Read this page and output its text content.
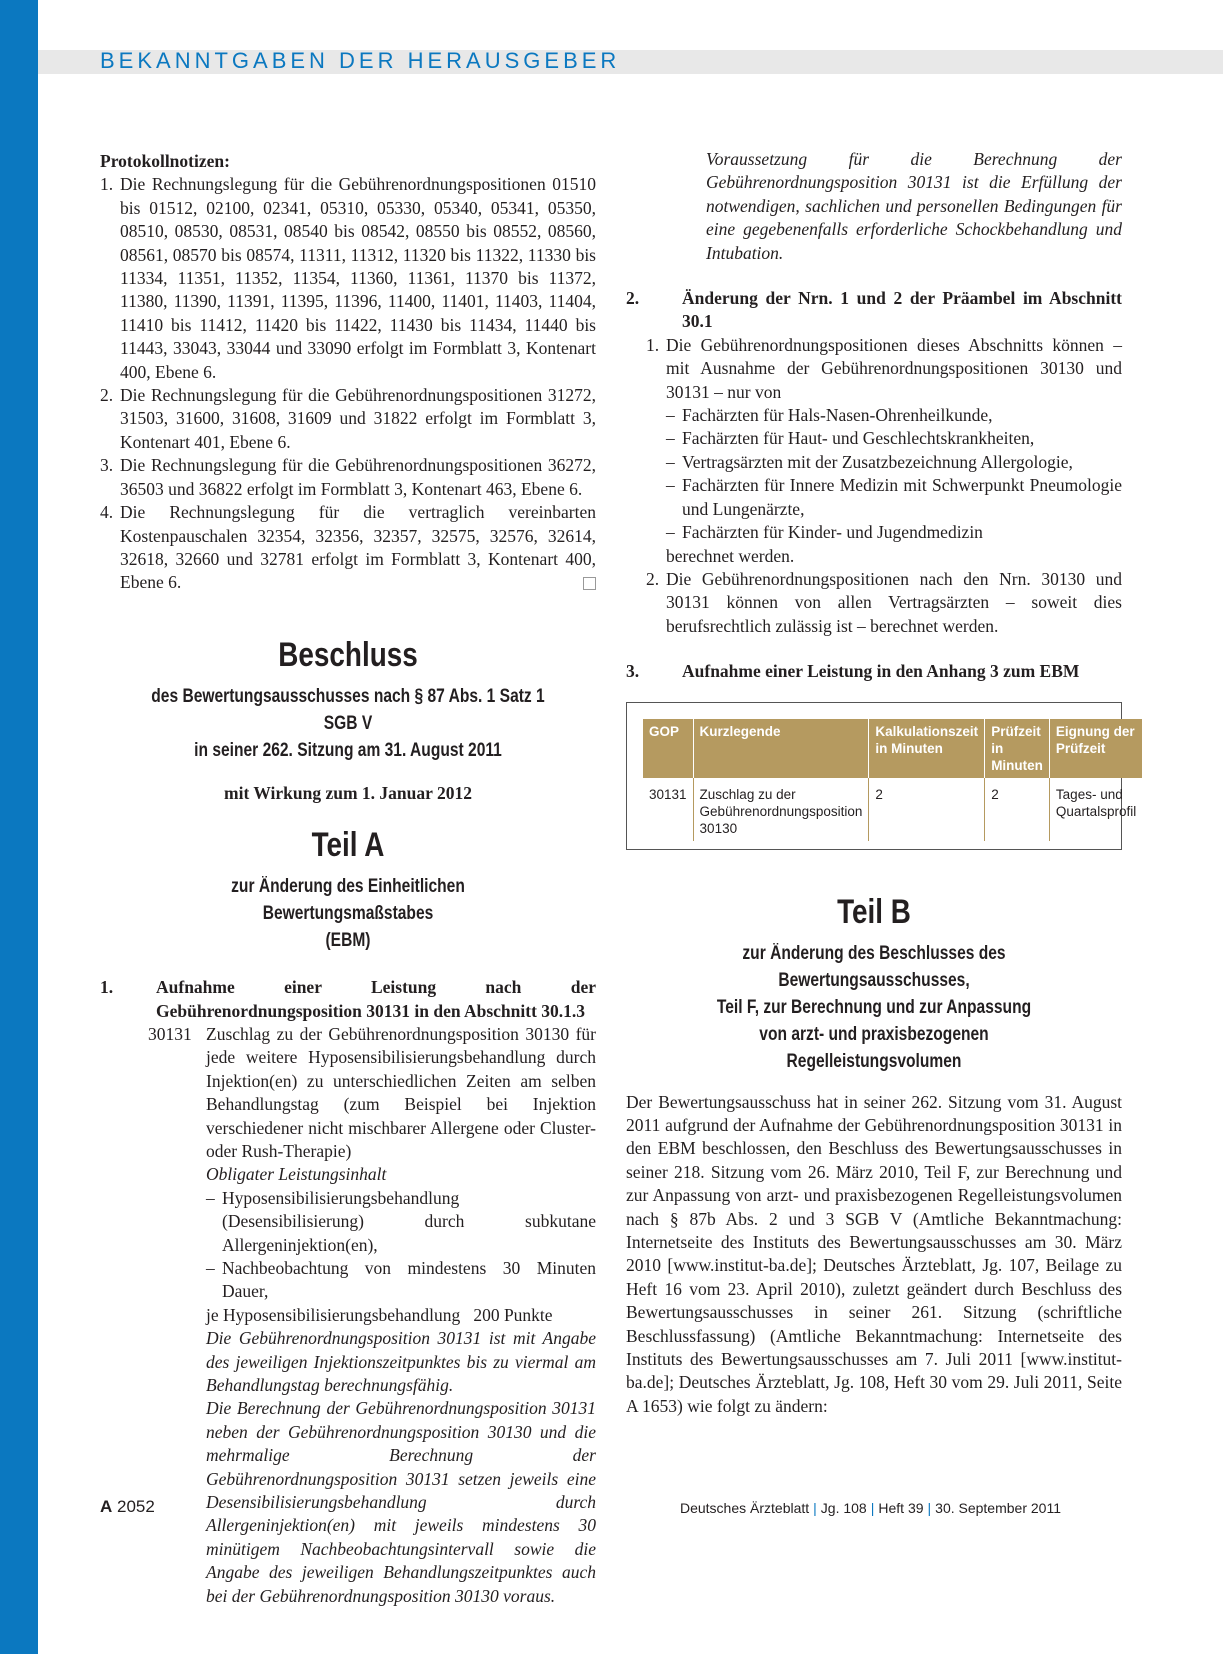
BEKANNTGABEN DER HERAUSGEBER

Protokollnotizen:

1. Die Rechnungslegung für die Gebührenordnungspositionen 01510 bis 01512, 02100, 02341, 05310, 05330, 05340, 05341, 05350, 08510, 08530, 08531, 08540 bis 08542, 08550 bis 08552, 08560, 08561, 08570 bis 08574, 11311, 11312, 11320 bis 11322, 11330 bis 11334, 11351, 11352, 11354, 11360, 11361, 11370 bis 11372, 11380, 11390, 11391, 11395, 11396, 11400, 11401, 11403, 11404, 11410 bis 11412, 11420 bis 11422, 11430 bis 11434, 11440 bis 11443, 33043, 33044 und 33090 erfolgt im Formblatt 3, Kontenart 400, Ebene 6.
2. Die Rechnungslegung für die Gebührenordnungspositionen 31272, 31503, 31600, 31608, 31609 und 31822 erfolgt im Formblatt 3, Kontenart 401, Ebene 6.
3. Die Rechnungslegung für die Gebührenordnungspositionen 36272, 36503 und 36822 erfolgt im Formblatt 3, Kontenart 463, Ebene 6.
4. Die Rechnungslegung für die vertraglich vereinbarten Kostenpauschalen 32354, 32356, 32357, 32575, 32576, 32614, 32618, 32660 und 32781 erfolgt im Formblatt 3, Kontenart 400, Ebene 6.
Beschluss
des Bewertungsausschusses nach § 87 Abs. 1 Satz 1 SGB V
in seiner 262. Sitzung am 31. August 2011

mit Wirkung zum 1. Januar 2012

Teil A
zur Änderung des Einheitlichen Bewertungsmaßstabes
(EBM)
1.	Aufnahme einer Leistung nach der Gebührenordnungsposition 30131 in den Abschnitt 30.1.3
30131 Zuschlag zu der Gebührenordnungsposition 30130 für jede weitere Hyposensibilisierungsbehandlung durch Injektion(en) zu unterschiedlichen Zeiten am selben Behandlungstag (zum Beispiel bei Injektion verschiedener nicht mischbarer Allergene oder Cluster- oder Rush-Therapie)

Obligater Leistungsinhalt

– Hyposensibilisierungsbehandlung (Desensibilisierung) durch subkutane Allergeninjektion(en),
– Nachbeobachtung von mindestens 30 Minuten Dauer,

je Hyposensibilisierungsbehandlung 200 Punkte

Die Gebührenordnungsposition 30131 ist mit Angabe des jeweiligen Injektionszeitpunktes bis zu viermal am Behandlungstag berechnungsfähig.

Die Berechnung der Gebührenordnungsposition 30131 neben der Gebührenordnungsposition 30130 und die mehrmalige Berechnung der Gebührenordnungsposition 30131 setzen jeweils eine Desensibilisierungsbehandlung durch Allergeninjektion(en) mit jeweils mindestens 30 minütigem Nachbeobachtungsintervall sowie die Angabe des jeweiligen Behandlungszeitpunktes auch bei der Gebührenordnungsposition 30130 voraus.

Voraussetzung für die Berechnung der Gebührenordnungsposition 30131 ist die Erfüllung der notwendigen, sachlichen und personellen Bedingungen für eine gegebenenfalls erforderliche Schockbehandlung und Intubation.

2.	Änderung der Nrn. 1 und 2 der Präambel im Abschnitt 30.1
1. Die Gebührenordnungspositionen dieses Abschnitts können – mit Ausnahme der Gebührenordnungspositionen 30130 und 30131 – nur von

– Fachärzten für Hals-Nasen-Ohrenheilkunde,
– Fachärzten für Haut- und Geschlechtskrankheiten,
– Vertragsärzten mit der Zusatzbezeichnung Allergologie,
– Fachärzten für Innere Medizin mit Schwerpunkt Pneumologie und Lungenärzte,
– Fachärzten für Kinder- und Jugendmedizin

berechnet werden.

2. Die Gebührenordnungspositionen nach den Nrn. 30130 und 30131 können von allen Vertragsärzten – soweit dies berufsrechtlich zulässig ist – berechnet werden.

3.	Aufnahme einer Leistung in den Anhang 3 zum EBM
GOP	Kurzlegende	Kalkulationszeit in Minuten	Prüfzeit in Minuten	Eignung der Prüfzeit
30131	Zuschlag zu der Gebührenordnungsposition 30130	2	2	Tages- und Quartalsprofil
Teil B
zur Änderung des Beschlusses des Bewertungsausschusses,
Teil F, zur Berechnung und zur Anpassung
von arzt- und praxisbezogenen Regelleistungsvolumen

Der Bewertungsausschuss hat in seiner 262. Sitzung vom 31. August 2011 aufgrund der Aufnahme der Gebührenordnungsposition 30131 in den EBM beschlossen, den Beschluss des Bewertungsausschusses in seiner 218. Sitzung vom 26. März 2010, Teil F, zur Berechnung und zur Anpassung von arzt- und praxisbezogenen Regelleistungsvolumen nach § 87b Abs. 2 und 3 SGB V (Amtliche Bekanntmachung: Internetseite des Instituts des Bewertungsausschusses am 30. März 2010 [www.institut-ba.de]; Deutsches Ärzteblatt, Jg. 107, Beilage zu Heft 16 vom 23. April 2010), zuletzt geändert durch Beschluss des Bewertungsausschusses in seiner 261. Sitzung (schriftliche Beschlussfassung) (Amtliche Bekanntmachung: Internetseite des Instituts des Bewertungsausschusses am 7. Juli 2011 [www.institut-ba.de]; Deutsches Ärzteblatt, Jg. 108, Heft 30 vom 29. Juli 2011, Seite A 1653) wie folgt zu ändern:

A 2052	Deutsches Ärzteblatt | Jg. 108 | Heft 39 | 30. September 2011
